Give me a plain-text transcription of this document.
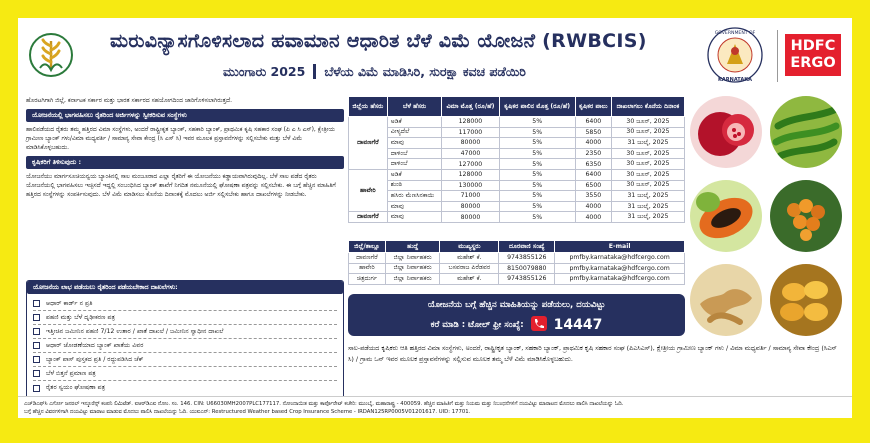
ಮರುವಿನ್ಯಾಸಗೊಳಿಸಲಾದ ಹವಾಮಾನ ಆಧಾರಿತ ಬೆಳೆ ವಿಮೆ ಯೋಜನೆ (RWBCIS)
ಮುಂಗಾರು 2025 ಬೆಳೆಯ ವಿಮೆ ಮಾಡಿಸಿರಿ, ಸುರಕ್ಷಾ ಕವಚ ಪಡೆಯಿರಿ
GOVERNMENT OF
KARNATAKA
HDFC
ERGO

ಹೊರಟಗಿಗಾಗಿ ಜಿಲ್ಲೆ, ಕರ್ನಾಟಕ ಸರ್ಕಾರ ಮತ್ತು ಭಾರತ ಸರ್ಕಾರದ ಸಹಯೋಗದಿಂದ ಜಾರಿಗೊಳಿಸಲಾಗಿರುತ್ತದೆ.

ಯೋಜನೆಯಲ್ಲಿ ಭಾಗವಹಿಸಲು ರೈತರಿಂದ ಅರ್ಜಿಗಳನ್ನು ಸ್ವೀಕರಿಸುವ ಸಂಸ್ಥೆಗಳು

ಹಾಲಿಪಡೆಯದ ರೈತರು ತಮ್ಮ ಹತ್ತಿರದ ವಿಮಾ ಸಂಸ್ಥೆಗಳು, ಅಂದರೆ ರಾಷ್ಟ್ರೀಕೃತ ಬ್ಯಾಂಕ್, ಸಹಕಾರಿ ಬ್ಯಾಂಕ್, ಪ್ರಾಥಮಿಕ ಕೃಷಿ ಸಹಕಾರ ಸಂಘ (ಪಿ ಎ ಸಿ ಎಸ್), ಕ್ಷೇತ್ರೀಯ ಗ್ರಾಮೀಣ ಬ್ಯಾಂಕ್ ಗಳು/ವಿಮಾ ಮಧ್ಯವರ್ತಿ / ಸಾಮಾನ್ಯ ಸೇವಾ ಕೇಂದ್ರ (ಸಿ ಎಸ್ ಸಿ) ಇವರ ಮೂಲಕ ಪ್ರಸ್ತಾವನೆಗಳನ್ನು ಸಲ್ಲಿಸಬೇಕು ಮತ್ತು ಬೆಳೆ ವಿಮೆ ಮಾಡಿಸಿಕೊಳ್ಳಬಹುದು.

ಕೃಷಿಕರಿಗೆ ತಿಳಿಸುವುದು :

ಯೋಜನೆಯು ಮಾರ್ಗಸೂಚಿಯನ್ವಯ ಬ್ಯಾಂಕಿನಲ್ಲಿ ಸಾಲ ಮಂಜೂರಾದ ಎಲ್ಲಾ ರೈತರಿಗೆ ಈ ಯೋಜನೆಯು ಕಡ್ಡಾಯವಾಗಿರುವುದಿಲ್ಲ. ಬೆಳೆ ಸಾಲ ಪಡೆದ ರೈತರು ಯೋಜನೆಯಲ್ಲಿ ಭಾಗವಹಿಸಲು ಇಚ್ಛಿಸದೆ ಇದ್ದಲ್ಲಿ ಸಂಬಂಧಿಸಿದ ಬ್ಯಾಂಕ್ ಶಾಖೆಗೆ ನಿಗದಿತ ನಮೂನೆಯಲ್ಲಿ ಘೋಷಣಾ ಪತ್ರವನ್ನು ಸಲ್ಲಿಸಬೇಕು. ಈ ಬಗ್ಗೆ ಹೆಚ್ಚಿನ ಮಾಹಿತಿಗೆ ಹತ್ತಿರದ ಸಂಸ್ಥೆಗಳನ್ನು ಸಂಪರ್ಕಿಸುವುದು. ಬೆಳೆ ವಿಮೆ ಮಾಡಿಸಲು ಕೊನೆಯ ದಿನಾಂಕಕ್ಕೆ ಮೊದಲು ಅರ್ಜಿ ಸಲ್ಲಿಸಬೇಕು ಹಾಗೂ ದಾಖಲೆಗಳನ್ನು ನೀಡಬೇಕು.

ಯೋಜನೆಯ ಲಾಭ ಪಡೆಯಲು ರೈತರಿಂದ ಪಡೆಯಬೇಕಾದ ದಾಖಲೆಗಳು:
ಆಧಾರ್ ಕಾರ್ಡ್ ನ ಪ್ರತಿ
ಪಹಣಿ ಮತ್ತು ಬೆಳೆ ದೃಢೀಕರಣ ಪತ್ರ
ಇತ್ತೀಚಿನ ಜಮೀನಿನ ಪಹಣಿ 7/12 ಉತಾರ / ಖಾತೆ ದಾಖಲೆ / ಜಮೀನಿನ ಸ್ವಾಧೀನ ದಾಖಲೆ
ಆಧಾರ್ ಜೋಡಣೆಯಾದ ಬ್ಯಾಂಕ್ ಖಾತೆಯ ವಿವರ
ಬ್ಯಾಂಕ್ ಪಾಸ್ ಪುಸ್ತಕದ ಪ್ರತಿ / ರದ್ದುಪಡಿಸಿದ ಚೆಕ್
ಬೆಳೆ ಬಿತ್ತನೆ ಪ್ರಮಾಣ ಪತ್ರ
ರೈತರ ಸ್ವಯಂ ಘೋಷಣಾ ಪತ್ರ
ಜಿಲ್ಲೆಯ ಹೆಸರು	ಬೆಳೆ ಹೆಸರು	ವಿಮಾ ಮೊತ್ತ (ರೂ/ಹೆ)	ಕೃಷಿಕರ ಪಾಲಿನ ಮೊತ್ತ (ರೂ/ಹೆ)	ಕೃಷಿಕರ ಪಾಲು	ದಾಖಲಾಗಲು ಕೊನೆಯ ದಿನಾಂಕ
ದಾವಣಗೆರೆ	ಅಡಿಕೆ	128000	5%	6400	30 ಜೂನ್, 2025
	ವೀಳ್ಯದೆಲೆ	117000	5%	5850	30 ಜೂನ್, 2025
	ಮಾವು	80000	5%	4000	31 ಜುಲೈ, 2025
	ದಾಳಿಂಬೆ	47000	5%	2350	30 ಜೂನ್, 2025
	ದಾಳಿಂಬೆ	127000	5%	6350	30 ಜೂನ್, 2025
ಹಾವೇರಿ	ಅಡಿಕೆ	128000	5%	6400	30 ಜೂನ್, 2025
	ಶುಂಠಿ	130000	5%	6500	30 ಜೂನ್, 2025
	ಹಸಿರು ಮೆಣಸಿನಕಾಯಿ	71000	5%	3550	31 ಜುಲೈ, 2025
	ಮಾವು	80000	5%	4000	31 ಜುಲೈ, 2025
ದಾವಣಗೆರೆ	ಮಾವು	80000	5%	4000	31 ಜುಲೈ, 2025
ಜಿಲ್ಲೆ/ತಾಲ್ಲೂ	ಹುದ್ದೆ	ಮುಖ್ಯಸ್ಥರು	ದೂರವಾಣಿ ಸಂಖ್ಯೆ	E-mail
ದಾವಣಗೆರೆ	ಜಿಲ್ಲಾ ನಿರ್ವಾಹಕರು	ಮಹೇಶ್ ಕೆ.	9743855126	pmfby.karnataka@hdfcergo.com
ಹಾವೇರಿ	ಜಿಲ್ಲಾ ನಿರ್ವಾಹಕರು	ಬಸವರಾಜ ಪಿರೆಡವರ	8150079880	pmfby.karnataka@hdfcergo.com
ಚಿತ್ರದುರ್ಗ	ಜಿಲ್ಲಾ ನಿರ್ವಾಹಕರು	ಮಹೇಶ್ ಕೆ.	9743855126	pmfby.karnataka@hdfcergo.com
ಯೋಜನೆಯ ಬಗ್ಗೆ ಹೆಚ್ಚಿನ ಮಾಹಿತಿಯನ್ನು ಪಡೆಯಲು, ದಯವಿಟ್ಟು
ಕರೆ ಮಾಡಿ : ಟೋಲ್ ಫ್ರೀ ಸಂಖ್ಯೆ: 14447
ಸಾಲ-ಪಡೆಯದ ಕೃಷಿಕರು ಆತಿ ಹತ್ತಿರದ ವಿಮಾ ಸಂಸ್ಥೆಗಳು, ಅಂದರೆ, ರಾಷ್ಟ್ರೀಕೃತ ಬ್ಯಾಂಕ್, ಸಹಕಾರಿ ಬ್ಯಾಂಕ್, ಪ್ರಾಥಮಿಕ ಕೃಷಿ ಸಹಕಾರ ಸಂಘ (ಪಿಎಸಿಎಸ್), ಕ್ಷೇತ್ರೀಯ ಗ್ರಾಮೀಣ ಬ್ಯಾಂಕ್ ಗಳು / ವಿಮಾ ಮಧ್ಯವರ್ತಿ / ಸಾಮಾನ್ಯ ಸೇವಾ ಕೇಂದ್ರ (ಸಿಎಸ್ ಸಿ) / ಗ್ರಾಮ ಒನ್ ಇವರ ಮೂಲಕ ಪ್ರಸ್ತಾವನೆಗಳನ್ನು ಸಲ್ಲಿಸುವ ಮೂಲಕ ತಮ್ಮ ಬೆಳೆ ವಿಮೆ ಮಾಡಿಸಿಕೊಳ್ಳಬಹುದು.
ಎಚ್‌ಡಿಎಫ್‌ಸಿ ಎರ್ಗೋ ಜನರಲ್ ಇನ್ಶೂರೆನ್ಸ್ ಕಂಪನಿ ಲಿಮಿಟೆಡ್. ಐಆರ್‌ಡಿಎಐ ನೋಂ. ಸಂ. 146. CIN: U66030MH2007PLC177117. ನೋಂದಾಯಿತ ಮತ್ತು ಕಾರ್ಪೊರೇಟ್ ಕಚೇರಿ: ಮುಂಬೈ, ಮಹಾರಾಷ್ಟ್ರ - 400059. ಹೆಚ್ಚಿನ ಮಾಹಿತಿಗೆ ಮತ್ತು ನಿಯಮ ಮತ್ತು ನಿಬಂಧನೆಗಳಿಗೆ ದಯವಿಟ್ಟು ಮಾರಾಟದ ಮೊದಲು ಪಾಲಿಸಿ ದಾಖಲೆಯನ್ನು ಓದಿ.
ಬಗ್ಗೆ ಹೆಚ್ಚಿನ ವಿವರಗಳಿಗಾಗಿ ದಯವಿಟ್ಟು ಮಾರಾಟ ಮಾಡುವ ಮೊದಲು ಪಾಲಿಸಿ ದಾಖಲೆಯನ್ನು ಓದಿ. ಯುಐಎನ್: Restructured Weather based Crop Insurance Scheme - IRDAN125RP0005V01201617. UID: 17701.
